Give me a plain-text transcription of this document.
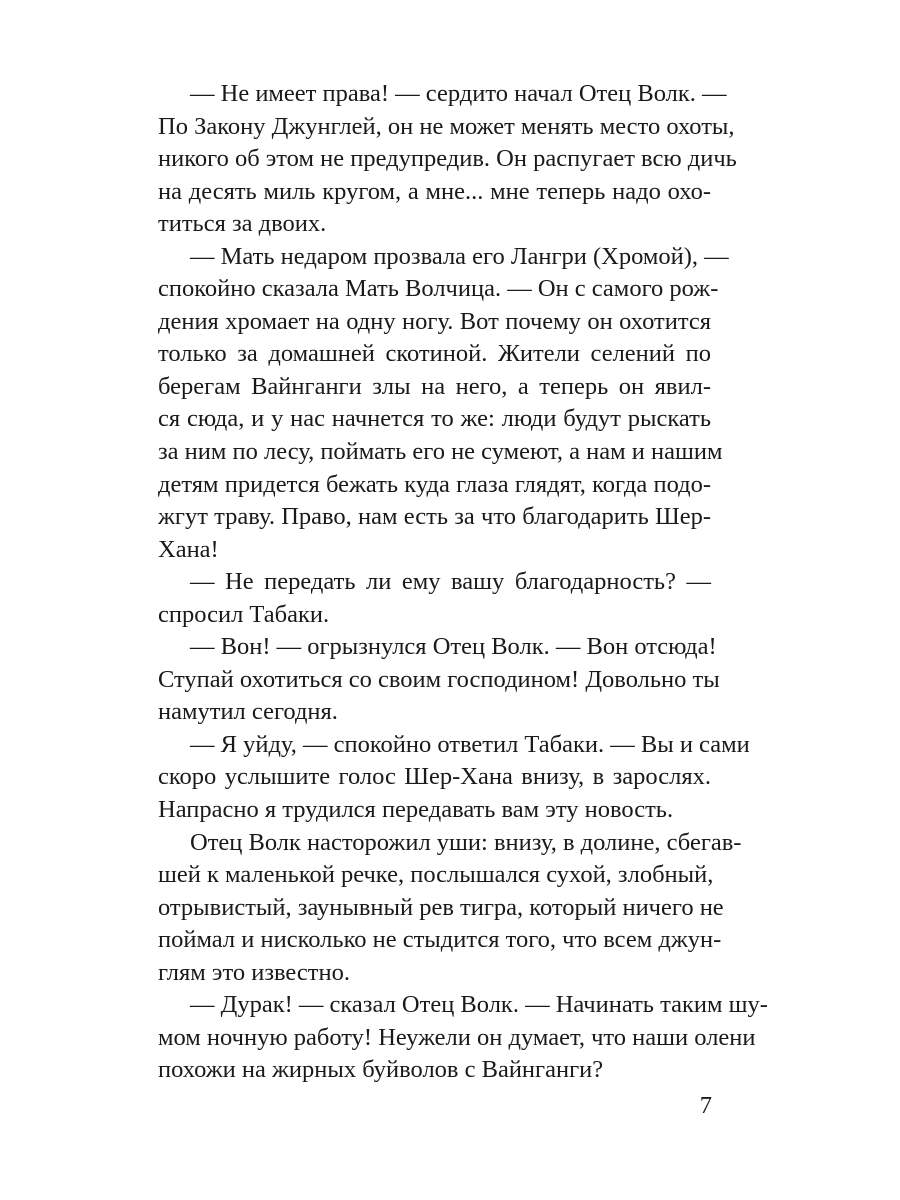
— Не имеет права! — сердито начал Отец Волк. —
По Закону Джунглей, он не может менять место охоты,
никого об этом не предупредив. Он распугает всю дичь
на десять миль кругом, а мне... мне теперь надо охо-
титься за двоих.
— Мать недаром прозвала его Лангри (Хромой), —
спокойно сказала Мать Волчица. — Он с самого рож-
дения хромает на одну ногу. Вот почему он охотится
только за домашней скотиной. Жители селений по
берегам Вайнганги злы на него, а теперь он явил-
ся сюда, и у нас начнется то же: люди будут рыскать
за ним по лесу, поймать его не сумеют, а нам и нашим
детям придется бежать куда глаза глядят, когда подо-
жгут траву. Право, нам есть за что благодарить Шер-
Хана!
— Не передать ли ему вашу благодарность? —
спросил Табаки.
— Вон! — огрызнулся Отец Волк. — Вон отсюда!
Ступай охотиться со своим господином! Довольно ты
намутил сегодня.
— Я уйду, — спокойно ответил Табаки. — Вы и сами
скоро услышите голос Шер-Хана внизу, в зарослях.
Напрасно я трудился передавать вам эту новость.
Отец Волк насторожил уши: внизу, в долине, сбегав-
шей к маленькой речке, послышался сухой, злобный,
отрывистый, заунывный рев тигра, который ничего не
поймал и нисколько не стыдится того, что всем джун-
глям это известно.
— Дурак! — сказал Отец Волк. — Начинать таким шу-
мом ночную работу! Неужели он думает, что наши олени
похожи на жирных буйволов с Вайнганги?
7
